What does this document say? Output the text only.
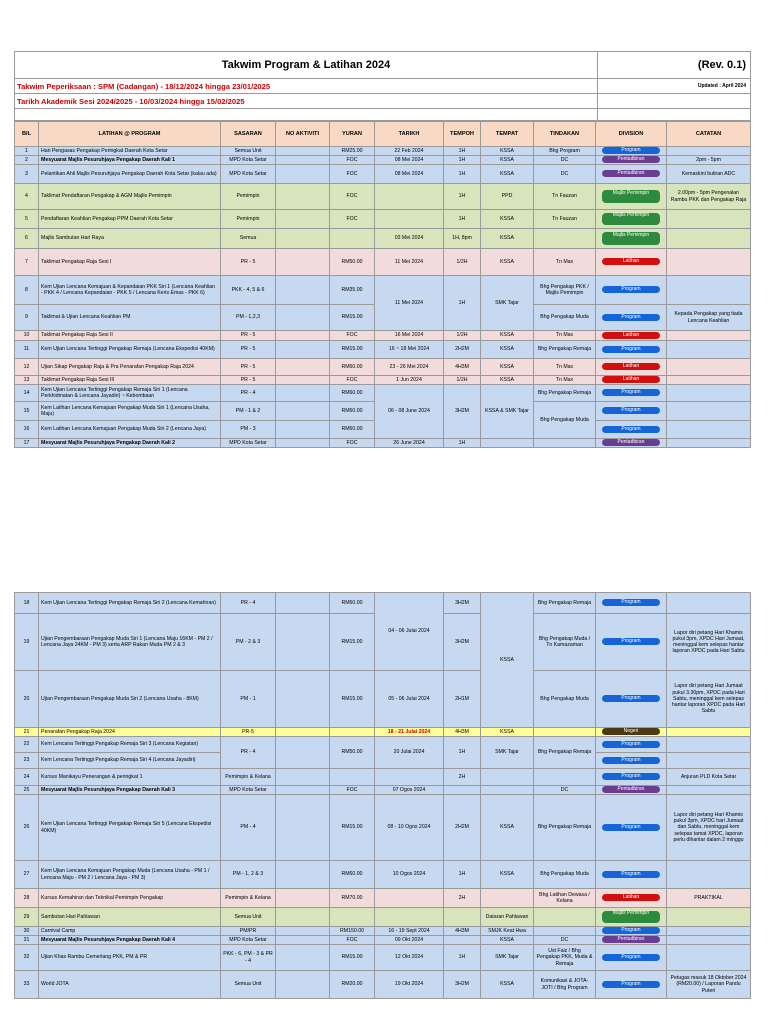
Takwim Program & Latihan 2024	(Rev. 0.1)
Takwim Peperiksaan : SPM (Cadangan) - 18/12/2024 hingga 23/01/2025	Updated : April 2024
Tarikh Akademik Sesi 2024/2025 - 10/03/2024 hingga 15/02/2025	

BIL	LATIHAN @ PROGRAM	SASARAN	NO AKTIVITI	YURAN	TARIKH	TEMPOH	TEMPAT	TINDAKAN	DIVISION	CATATAN
1	Hari Pengasas Pengakap Peringkat Daerah Kota Setar	Semua Unit		RM25.00	22 Feb 2024	1H	KSSA	Bhg Program	Program	
2	Mesyuarat Majlis Pesuruhjaya Pengakap Daerah Kali 1	MPD Kota Setar		FOC	08 Mei 2024	1H	KSSA	DC	Pentadbiran	2pm - 5pm
3	Pelantikan Ahli Majlis Pesuruhjaya Pengakap Daerah Kota Setar (kalau ada)	MPD Kota Setar		FOC	08 Mei 2024	1H	KSSA	DC	Pentadbiran	Kemaskini butiran ADC
4	Taklimat Pendaftaran Pengakap & AGM Majlis Pemimpin	Pemimpin		FOC		1H	PPD	Tn Fauzan	Majlis Pemimpin	2.00pm - 5pm Pengenalan Rambu PKK dan Pengakap Raja
5	Pendaftaran Keahlian Pengakap PPM Daerah Kota Setar	Pemimpin		FOC		1H	KSSA	Tn Fauzan	Majlis Pemimpin	
6	Majlis Sambutan Hari Raya	Semua			03 Mei 2024	1H, 8pm	KSSA		Majlis Pemimpin	
7	Taklimat Pengakap Raja Sesi I	PR - 5		RM50.00	11 Mei 2024	1/2H	KSSA	Tn Max	Latihan	
8	Kem Ujian Lencana Kemajuan & Kepandaian PKK Siri 1 (Lencana Keahlian - PKK 4 / Lencana Kepandaian - PKK 5 / Lencana Keris Emas - PKK 6)	PKK - 4, 5 & 6		RM35.00	11 Mei 2024	1H	SMK Tajar	Bhg Pengakap PKK / Majlis Pemimpin	Program	
9	Taklimat & Ujian Lencana Keahlian PM	PM - 1,2,3		RM15.00				Bhg Pengakap Muda	Program	Kepada Pengakap yang tiada Lencana Keahlian
10	Taklimat Pengakap Raja Sesi II	PR - 5		FOC	16 Mei 2024	1/2H	KSSA	Tn Max	Latihan	
11	Kem Ujian Lencana Tertinggi Pengakap Remaja (Lencana Ekspedisi 40KM)	PR - 5		RM15.00	16 ~ 18 Mei 2024	2H2M	KSSA	Bhg Pengakap Remaja	Program	
12	Ujian Sikap Pengakap Raja & Pra Penarafan Pengakap Raja 2024	PR - 5		RM60.00	23 - 26 Mei 2024	4H3M	KSSA	Tn Max	Latihan	
13	Taklimat Pengakap Raja Sesi III	PR - 5		FOC	1 Jun 2024	1/2H	KSSA	Tn Max	Latihan	
14	Kem Ujian Lencana Tertinggi Pengakap Remaja Siri 1 (Lencana Perkhidmatan & Lencana Jayadiri) ~ Kebombaan	PR - 4		RM60.00	06 - 08 June 2024	3H2M	KSSA & SMK Tajar	Bhg Pengakap Remaja	Program	
15	Kem Latihan Lencana Kemajuan Pengakap Muda Siri 1 (Lencana Usaha, Maju)	PM - 1 & 2		RM60.00				Bhg Pengakap Muda	Program	
16	Kem Latihan Lencana Kemajuan Pengakap Muda Siri 2 (Lencana Jaya)	PM - 3		RM60.00					Program	
17	Mesyuarat Majlis Pesuruhjaya Pengakap Daerah Kali 2	MPD Kota Setar		FOC	26 June 2024	1H			Pentadbiran	
18	Kem Ujian Lencana Tertinggi Pengakap Remaja Siri 2 (Lencana Kemahiran)	PR - 4		RM60.00	04 - 06 Julai 2024	3H2M	KSSA	Bhg Pengakap Remaja	Program	
19	Ujian Pengembaraan Pengakap Muda Siri 1 (Lencana Maju 16KM - PM 2 / Lencana Jaya 24KM - PM 3) serta ARP Rakan Muda PM 2 & 3	PM - 2 & 3		RM15.00		3H2M		Bhg Pengakap Muda / Tn Kamazaman	Program	Lapor diri petang Hari Khamis pukul 3pm, XPDC Hari Jumaat, meninggal kem selepas hantar laporan XPDC pada Hari Sabtu
20	Ujian Pengembaraan Pengakap Muda Siri 2 (Lencana Usaha - 8KM)	PM - 1		RM15.00	05 - 06 Julai 2024	2H1M		Bhg Pengakap Muda	Program	Lapor diri petang Hari Jumaat pukul 3.30pm, XPDC pada Hari Sabtu, meninggal kem selepas hantar laporan XPDC pada Hari Sabtu
21	Penarafan Pengakap Raja 2024	PR-5			18 - 21 Julai 2024	4H3M	KSSA		Negeri	
22	Kem Lencana Tertinggi Pengakap Remaja Siri 3 (Lencana Kegiatan)	PR - 4		RM50.00	20 Julai 2024	1H	SMK Tajar	Bhg Pengakap Remaja	Program	
23	Kem Lencana Tertinggi Pengakap Remaja Siri 4 (Lencana Jayadiri)								Program	
24	Kursus Manikayu Penerangan & peringkat 1	Pemimpin & Kelana				2H			Program	Anjuran PLD Kota Setar
25	Mesyuarat Majlis Pesuruhjaya Pengakap Daerah Kali 3	MPD Kota Setar		FOC	07 Ogos 2024			DC	Pentadbiran	
26	Kem Ujian Lencana Tertinggi Pengakap Remaja Siri 5 (Lencana Ekspedisi 40KM)	PM - 4		RM15.00	08 - 10 Ogos 2024	2H2M	KSSA	Bhg Pengakap Remaja	Program	Lapor diri petang Hari Khamis pukul 3pm, XPDC hari Jumaat dan Sabtu, meninggal kem selepas tamat XPDC, laporan perlu dihantar dalam 2 minggu
27	Kem Ujian Lencana Kemajuan Pengakap Muda (Lencana Usaha - PM 1 / Lencana Maju - PM 2 / Lencana Jaya - PM 3)	PM - 1, 2 & 3		RM60.00	10 Ogos 2024	1H	KSSA	Bhg Pengakap Muda	Program	
28	Kursus Kemahiran dan Teknikal Pemimpin Pengakap	Pemimpin & Kelana		RM70.00		2H		Bhg Latihan Dewasa / Kelana	Latihan	PRAKTIKAL
29	Sambutan Hari Pahlawan	Semua Unit					Dataran Pahlawan		Majlis Pemimpin	
30	Carnival Camp	PM/PR		RM150.00	16 - 19 Sept 2024	4H3M	SMJK Keat Hwa		Program	
31	Mesyuarat Majlis Pesuruhjaya Pengakap Daerah Kali 4	MPD Kota Setar		FOC	09 Okt 2024		KSSA	DC	Pentadbiran	
32	Ujian Khas Rambu Cemerlang PKK, PM & PR	PKK - 6, PM - 3 & PR - 4		RM15.00	12 Okt 2024	1H	SMK Tajar	Ust Faiz / Bhg Pengakap PKK, Muda & Remaja	Program	
33	World JOTA	Semua Unit		RM20.00	19 Okt 2024	3H2M	KSSA	Komunikasi & JOTA-JOTI / Bhg Program	Program	Petugas masuk 18 Oktober 2024 (RM20.00) / Laporan Pandu Puteri
